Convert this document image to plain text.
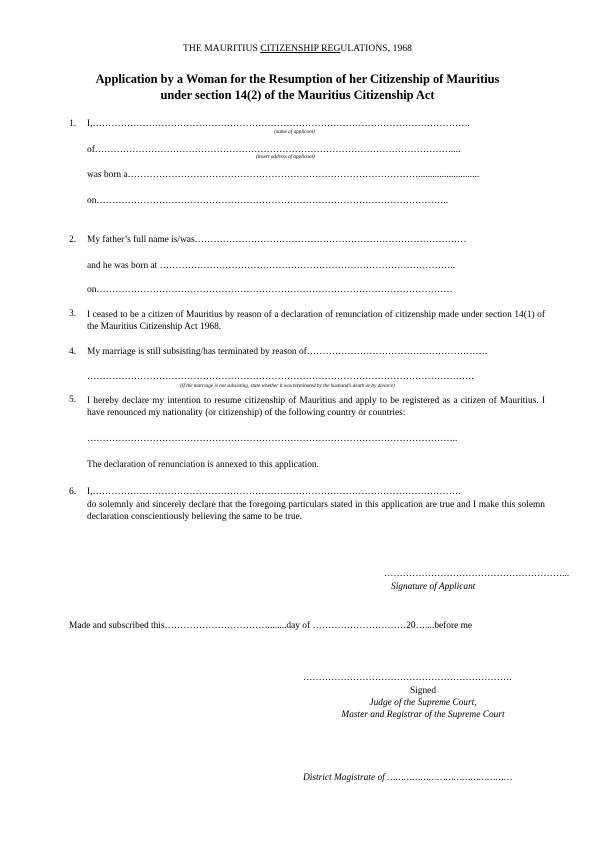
THE MAURITIUS CITIZENSHIP REGULATIONS, 1968
Application by a Woman for the Resumption of her Citizenship of Mauritius
under section 14(2) of the Mauritius Citizenship Act
1. I,………………………………………………………………………………………………………….
(name of applicant)
of……………………………………………………………………………………………………....
(insert address of applicant)
was born a…………………………………………………………………………………..........................
on…………………………………………………………………………………………………..
2. My father’s full name is/was……………………………………………………………………………
and he was born at …………………………………………………………………………………..
on……………………………………………………………………………………………………
3. I ceased to be a citizen of Mauritius by reason of a declaration of renunciation of citizenship made under section 14(1) of the Mauritius Citizenship Act 1968.
4. My marriage is still subsisting/has terminated by reason of………………………………………………….
…………………………………………………………………………………………………………….
(If the marriage is not subsisting, state whether it was terminated by the husband’s death or by divorce)
5. I hereby declare my intention to resume citizenship of Mauritius and apply to be registered as a citizen of Mauritius. I have renounced my nationality (or citizenship) of the following country or countries:
………………………………………………………………………………………………………..
The declaration of renunciation is annexed to this application.
6. I,……………………………………………………………………………………………………….
do solemnly and sincerely declare that the foregoing particulars stated in this application are true and I make this solemn declaration conscientiously believing the same to be true.
…………………………………………………...
Signature of Applicant
Made and subscribed this……………………………........day of …………………………20…....before me
………………………………………………………….
Signed
Judge of the Supreme Court,
Master and Registrar of the Supreme Court
District Magistrate of ………………………………………
